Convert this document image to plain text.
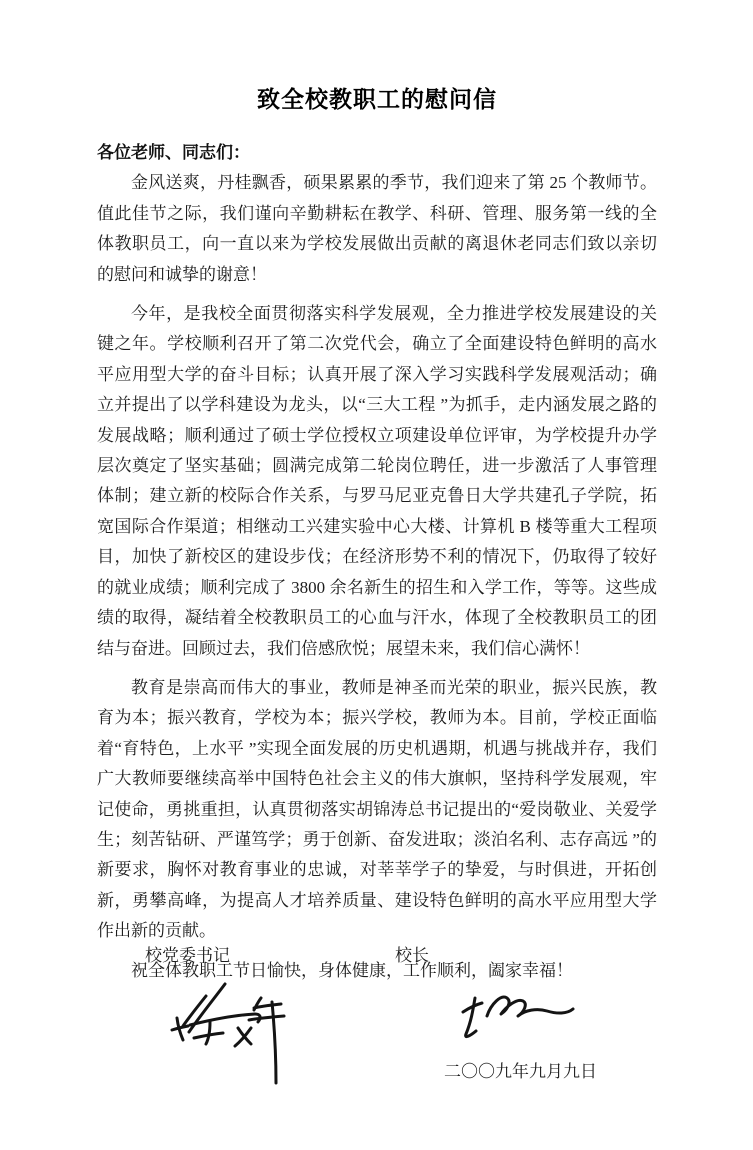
致全校教职工的慰问信

各位老师、同志们：

金风送爽，丹桂飘香，硕果累累的季节，我们迎来了第 25 个教师节。值此佳节之际，我们谨向辛勤耕耘在教学、科研、管理、服务第一线的全体教职员工，向一直以来为学校发展做出贡献的离退休老同志们致以亲切的慰问和诚挚的谢意！

今年，是我校全面贯彻落实科学发展观，全力推进学校发展建设的关键之年。学校顺利召开了第二次党代会，确立了全面建设特色鲜明的高水平应用型大学的奋斗目标；认真开展了深入学习实践科学发展观活动；确立并提出了以学科建设为龙头，以“三大工程 ”为抓手，走内涵发展之路的发展战略；顺利通过了硕士学位授权立项建设单位评审，为学校提升办学层次奠定了坚实基础；圆满完成第二轮岗位聘任，进一步激活了人事管理体制；建立新的校际合作关系，与罗马尼亚克鲁日大学共建孔子学院，拓宽国际合作渠道；相继动工兴建实验中心大楼、计算机 B 楼等重大工程项目，加快了新校区的建设步伐；在经济形势不利的情况下，仍取得了较好的就业成绩；顺利完成了 3800 余名新生的招生和入学工作，等等。这些成绩的取得，凝结着全校教职员工的心血与汗水，体现了全校教职员工的团结与奋进。回顾过去，我们倍感欣悦；展望未来，我们信心满怀！

教育是崇高而伟大的事业，教师是神圣而光荣的职业，振兴民族，教育为本；振兴教育，学校为本；振兴学校，教师为本。目前，学校正面临着“育特色，上水平 ”实现全面发展的历史机遇期，机遇与挑战并存，我们广大教师要继续高举中国特色社会主义的伟大旗帜，坚持科学发展观，牢记使命，勇挑重担，认真贯彻落实胡锦涛总书记提出的“爱岗敬业、关爱学生；刻苦钻研、严谨笃学；勇于创新、奋发进取；淡泊名利、志存高远 ”的新要求，胸怀对教育事业的忠诚，对莘莘学子的挚爱，与时俱进，开拓创新，勇攀高峰，为提高人才培养质量、建设特色鲜明的高水平应用型大学作出新的贡献。

祝全体教职工节日愉快，身体健康，工作顺利，阖家幸福！

校党委书记	校长
二〇〇九年九月九日
